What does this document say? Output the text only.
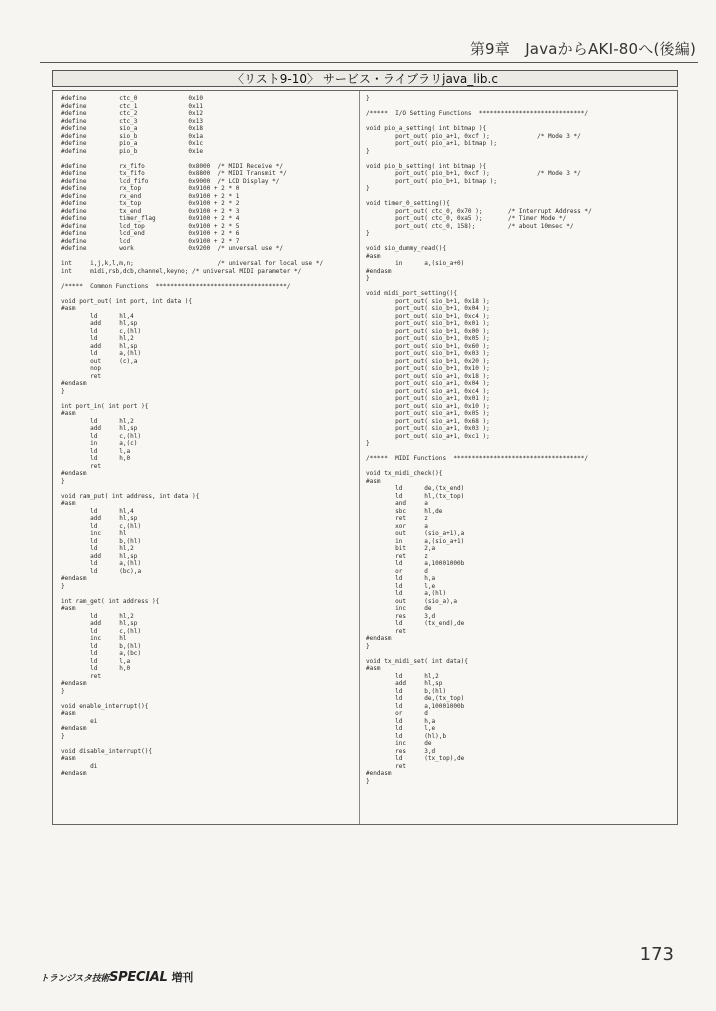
第9章　JavaからAKI-80へ(後編)
〈リスト9-10〉 サービス・ライブラリjava_lib.c
#define         ctc_0              0x10
#define         ctc_1              0x11
#define         ctc_2              0x12
#define         ctc_3              0x13
#define         sio_a              0x18
#define         sio_b              0x1a
#define         pio_a              0x1c
#define         pio_b              0x1e

#define         rx_fifo            0x8000  /* MIDI Receive */
#define         tx_fifo            0x8800  /* MIDI Transmit */
#define         lcd_fifo           0x9000  /* LCD Display */
#define         rx_top             0x9100 + 2 * 0
#define         rx_end             0x9100 + 2 * 1
#define         tx_top             0x9100 + 2 * 2
#define         tx_end             0x9100 + 2 * 3
#define         timer_flag         0x9100 + 2 * 4
#define         lcd_top            0x9100 + 2 * 5
#define         lcd_end            0x9100 + 2 * 6
#define         lcd                0x9100 + 2 * 7
#define         work               0x9200  /* unversal use */

int     i,j,k,l,m,n;                       /* universal for local use */
int     midi,rsb,dcb,channel,keyno; /* universal MIDI parameter */

/*****  Common Functions  ************************************/

void port_out( int port, int data ){
#asm
ld      hl,4
add     hl,sp
ld      c,(hl)
ld      hl,2
add     hl,sp
ld      a,(hl)
out     (c),a
nop
ret
#endasm
}

int port_in( int port ){
#asm
ld      hl,2
add     hl,sp
ld      c,(hl)
in      a,(c)
ld      l,a
ld      h,0
ret
#endasm
}

void ram_put( int address, int data ){
#asm
ld      hl,4
add     hl,sp
ld      c,(hl)
inc     hl
ld      b,(hl)
ld      hl,2
add     hl,sp
ld      a,(hl)
ld      (bc),a
#endasm
}

int ram_get( int address ){
#asm
ld      hl,2
add     hl,sp
ld      c,(hl)
inc     hl
ld      b,(hl)
ld      a,(bc)
ld      l,a
ld      h,0
ret
#endasm
}

void enable_interrupt(){
#asm
ei
#endasm
}

void disable_interrupt(){
#asm
di
#endasm
}

/*****  I/O Setting Functions  *****************************/

void pio_a_setting( int bitmap ){
port_out( pio_a+1, 0xcf );             /* Mode 3 */
port_out( pio_a+1, bitmap );
}

void pio_b_setting( int bitmap ){
port_out( pio_b+1, 0xcf );             /* Mode 3 */
port_out( pio_b+1, bitmap );
}

void timer_0_setting(){
port_out( ctc_0, 0x70 );       /* Interrupt Address */
port_out( ctc_0, 0xa5 );       /* Timer Mode */
port_out( ctc_0, 158);         /* about 10msec */
}

void sio_dummy_read(){
#asm
in      a,(sio_a+0)
#endasm
}

void midi_port_setting(){
port_out( sio_b+1, 0x18 );
port_out( sio_b+1, 0x04 );
port_out( sio_b+1, 0xc4 );
port_out( sio_b+1, 0x01 );
port_out( sio_b+1, 0x00 );
port_out( sio_b+1, 0x05 );
port_out( sio_b+1, 0x60 );
port_out( sio_b+1, 0x03 );
port_out( sio_b+1, 0x20 );
port_out( sio_b+1, 0x10 );
port_out( sio_a+1, 0x18 );
port_out( sio_a+1, 0x04 );
port_out( sio_a+1, 0xc4 );
port_out( sio_a+1, 0x01 );
port_out( sio_a+1, 0x10 );
port_out( sio_a+1, 0x05 );
port_out( sio_a+1, 0x68 );
port_out( sio_a+1, 0x03 );
port_out( sio_a+1, 0xc1 );
}

/*****  MIDI Functions  ************************************/

void tx_midi_check(){
#asm
ld      de,(tx_end)
ld      hl,(tx_top)
and     a
sbc     hl,de
ret     z
xor     a
out     (sio_a+1),a
in      a,(sio_a+1)
bit     2,a
ret     z
ld      a,10001000b
or      d
ld      h,a
ld      l,e
ld      a,(hl)
out     (sio_a),a
inc     de
res     3,d
ld      (tx_end),de
ret
#endasm
}

void tx_midi_set( int data){
#asm
ld      hl,2
add     hl,sp
ld      b,(hl)
ld      de,(tx_top)
ld      a,10001000b
or      d
ld      h,a
ld      l,e
ld      (hl),b
inc     de
res     3,d
ld      (tx_top),de
ret
#endasm
}
トランジスタ技術SPECIAL 増刊
173
